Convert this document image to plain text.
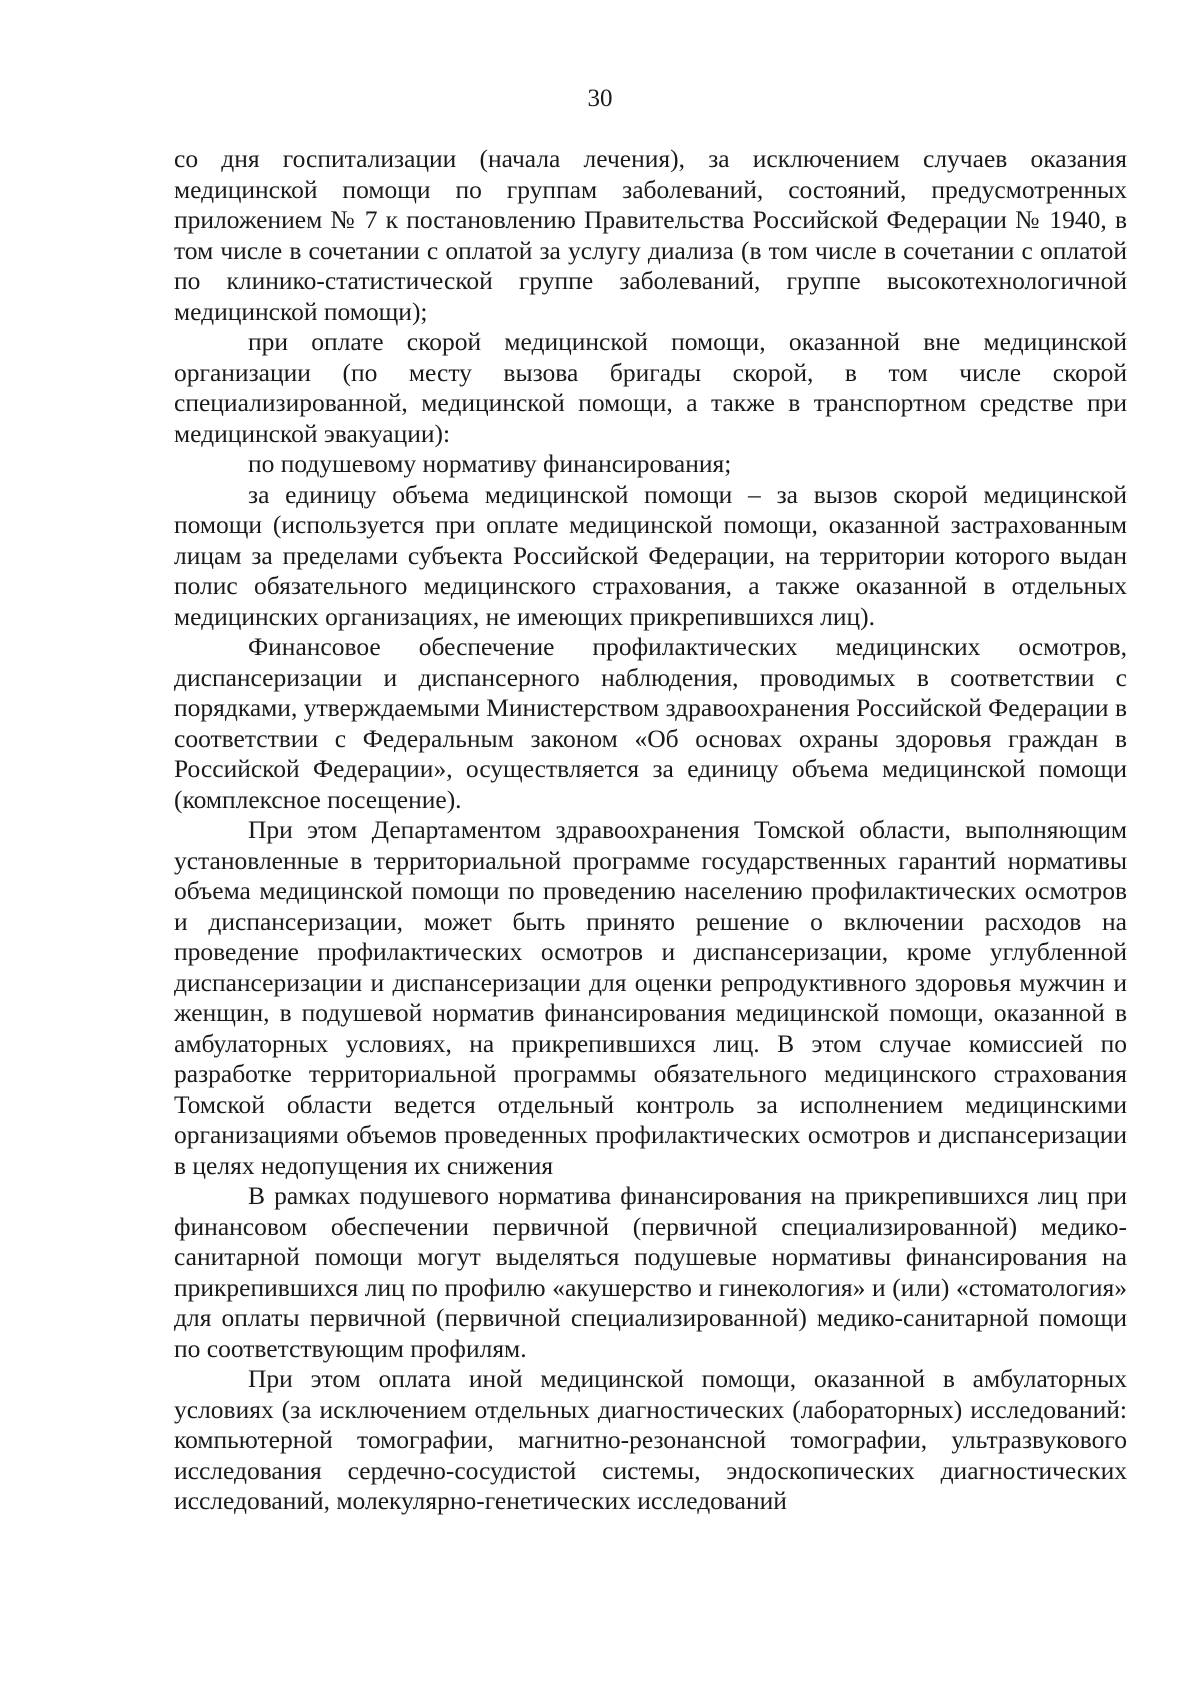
30

со дня госпитализации (начала лечения), за исключением случаев оказания медицинской помощи по группам заболеваний, состояний, предусмотренных приложением № 7 к постановлению Правительства Российской Федерации № 1940, в том числе в сочетании с оплатой за услугу диализа (в том числе в сочетании с оплатой по клинико-статистической группе заболеваний, группе высокотехнологичной медицинской помощи);

при оплате скорой медицинской помощи, оказанной вне медицинской организации (по месту вызова бригады скорой, в том числе скорой специализированной, медицинской помощи, а также в транспортном средстве при медицинской эвакуации):

по подушевому нормативу финансирования;

за единицу объема медицинской помощи – за вызов скорой медицинской помощи (используется при оплате медицинской помощи, оказанной застрахованным лицам за пределами субъекта Российской Федерации, на территории которого выдан полис обязательного медицинского страхования, а также оказанной в отдельных медицинских организациях, не имеющих прикрепившихся лиц).

Финансовое обеспечение профилактических медицинских осмотров, диспансеризации и диспансерного наблюдения, проводимых в соответствии с порядками, утверждаемыми Министерством здравоохранения Российской Федерации в соответствии с Федеральным законом «Об основах охраны здоровья граждан в Российской Федерации», осуществляется за единицу объема медицинской помощи (комплексное посещение).

При этом Департаментом здравоохранения Томской области, выполняющим установленные в территориальной программе государственных гарантий нормативы объема медицинской помощи по проведению населению профилактических осмотров и диспансеризации, может быть принято решение о включении расходов на проведение профилактических осмотров и диспансеризации, кроме углубленной диспансеризации и диспансеризации для оценки репродуктивного здоровья мужчин и женщин, в подушевой норматив финансирования медицинской помощи, оказанной в амбулаторных условиях, на прикрепившихся лиц. В этом случае комиссией по разработке территориальной программы обязательного медицинского страхования Томской области ведется отдельный контроль за исполнением медицинскими организациями объемов проведенных профилактических осмотров и диспансеризации в целях недопущения их снижения

В рамках подушевого норматива финансирования на прикрепившихся лиц при финансовом обеспечении первичной (первичной специализированной) медико-санитарной помощи могут выделяться подушевые нормативы финансирования на прикрепившихся лиц по профилю «акушерство и гинекология» и (или) «стоматология» для оплаты первичной (первичной специализированной) медико-санитарной помощи по соответствующим профилям.

При этом оплата иной медицинской помощи, оказанной в амбулаторных условиях (за исключением отдельных диагностических (лабораторных) исследований: компьютерной томографии, магнитно-резонансной томографии, ультразвукового исследования сердечно-сосудистой системы, эндоскопических диагностических исследований, молекулярно-генетических исследований
